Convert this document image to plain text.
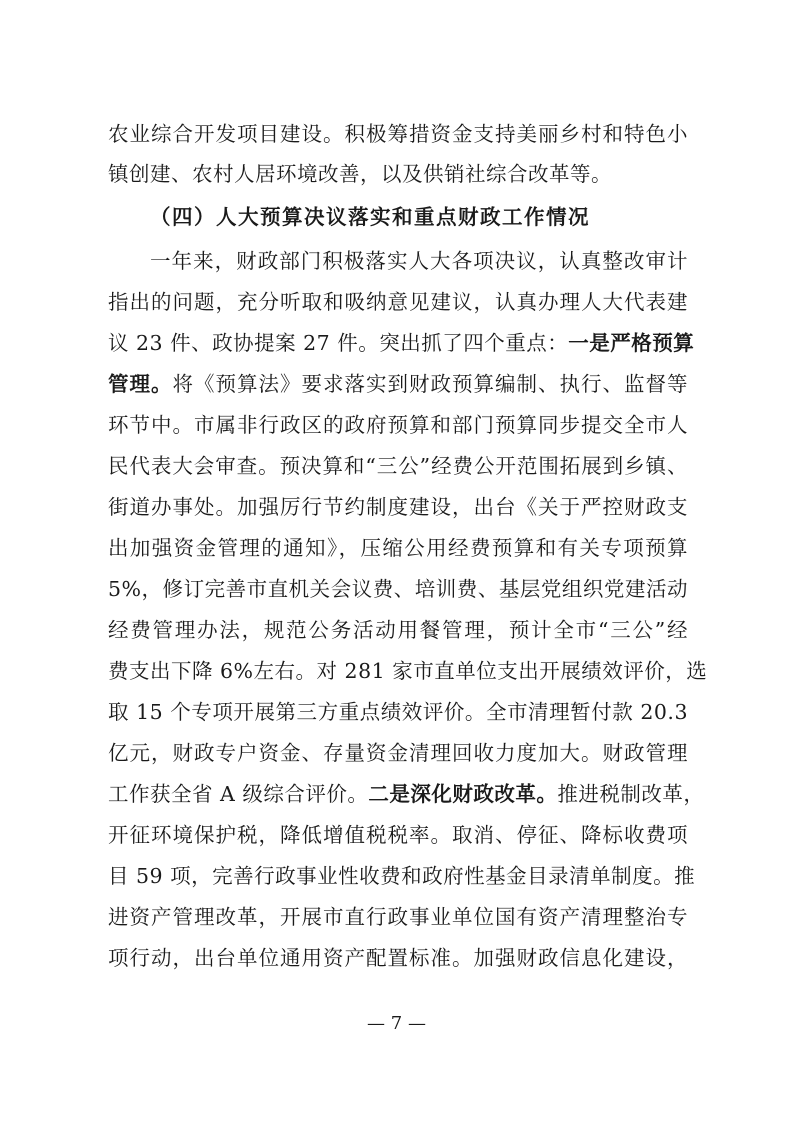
农业综合开发项目建设。积极筹措资金支持美丽乡村和特色小
镇创建、农村人居环境改善，以及供销社综合改革等。
（四）人大预算决议落实和重点财政工作情况
一年来，财政部门积极落实人大各项决议，认真整改审计
指出的问题，充分听取和吸纳意见建议，认真办理人大代表建
议 23 件、政协提案 27 件。突出抓了四个重点：一是严格预算
管理。将《预算法》要求落实到财政预算编制、执行、监督等
环节中。市属非行政区的政府预算和部门预算同步提交全市人
民代表大会审查。预决算和“三公”经费公开范围拓展到乡镇、
街道办事处。加强厉行节约制度建设，出台《关于严控财政支
出加强资金管理的通知》，压缩公用经费预算和有关专项预算
5%，修订完善市直机关会议费、培训费、基层党组织党建活动
经费管理办法，规范公务活动用餐管理，预计全市“三公”经
费支出下降 6%左右。对 281 家市直单位支出开展绩效评价，选
取 15 个专项开展第三方重点绩效评价。全市清理暂付款 20.3
亿元，财政专户资金、存量资金清理回收力度加大。财政管理
工作获全省 A 级综合评价。二是深化财政改革。推进税制改革，
开征环境保护税，降低增值税税率。取消、停征、降标收费项
目 59 项，完善行政事业性收费和政府性基金目录清单制度。推
进资产管理改革，开展市直行政事业单位国有资产清理整治专
项行动，出台单位通用资产配置标准。加强财政信息化建设，
— 7 —
